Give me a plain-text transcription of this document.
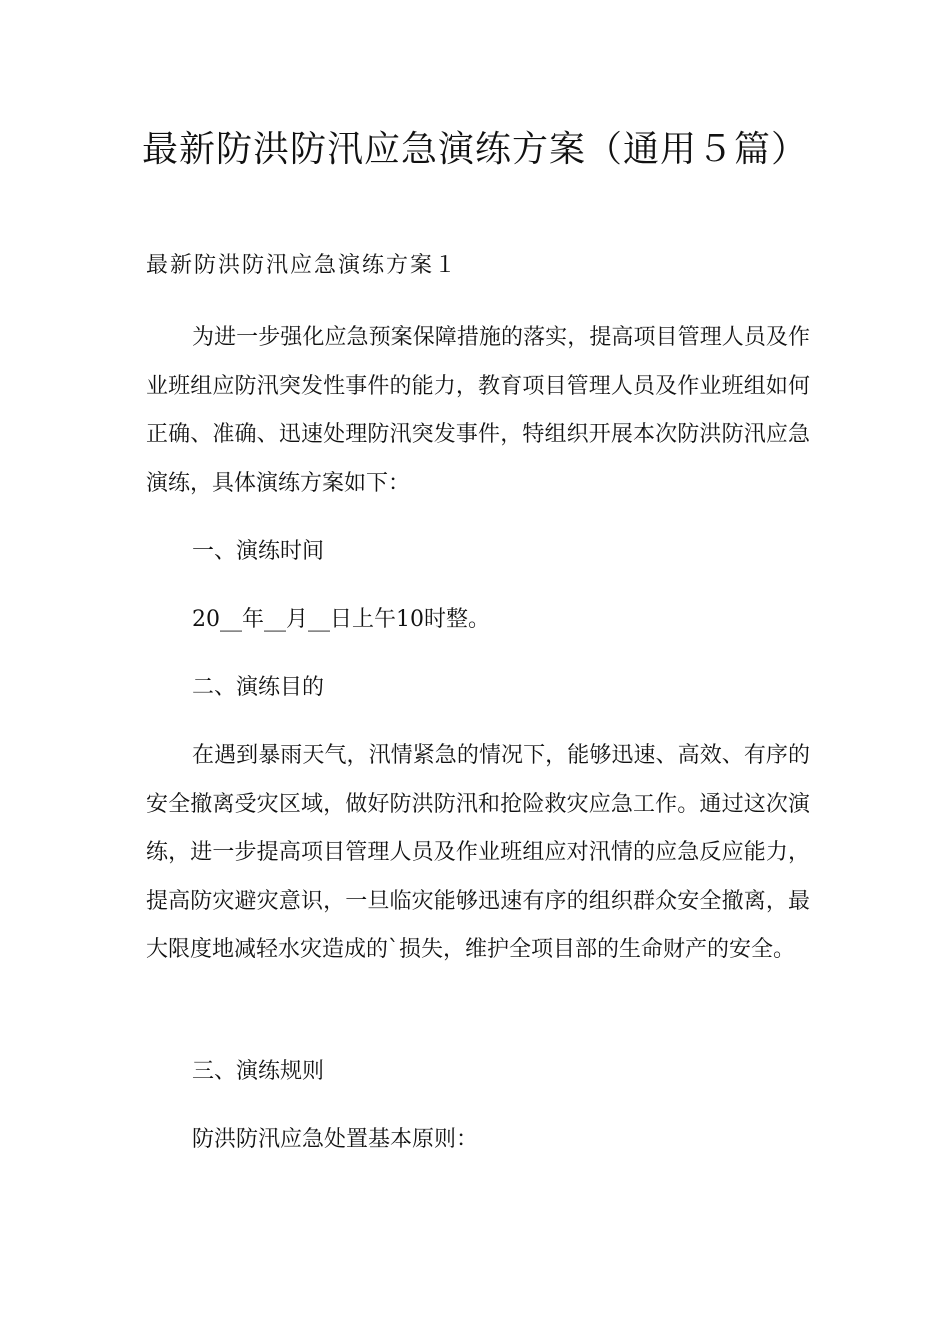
最新防洪防汛应急演练方案（通用５篇）
最新防洪防汛应急演练方案１

为进一步强化应急预案保障措施的落实，提高项目管理人员及作业班组应防汛突发性事件的能力，教育项目管理人员及作业班组如何正确、准确、迅速处理防汛突发事件，特组织开展本次防洪防汛应急演练，具体演练方案如下：

一、演练时间

20__年__月__日上午10时整。

二、演练目的

在遇到暴雨天气，汛情紧急的情况下，能够迅速、高效、有序的安全撤离受灾区域，做好防洪防汛和抢险救灾应急工作。通过这次演练，进一步提高项目管理人员及作业班组应对汛情的应急反应能力，提高防灾避灾意识，一旦临灾能够迅速有序的组织群众安全撤离，最大限度地减轻水灾造成的`损失，维护全项目部的生命财产的安全。

三、演练规则

防洪防汛应急处置基本原则：
